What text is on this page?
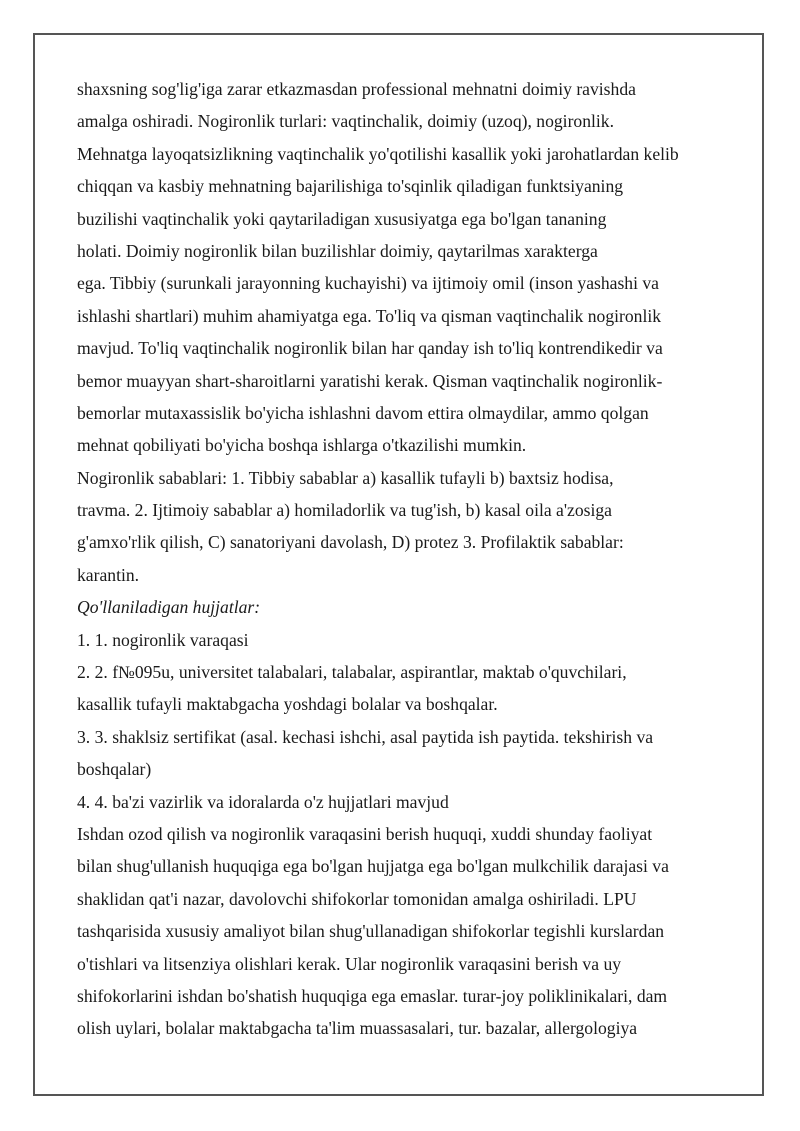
shaxsning sog'lig'iga zarar etkazmasdan professional mehnatni doimiy ravishda
amalga oshiradi. Nogironlik turlari: vaqtinchalik, doimiy (uzoq), nogironlik.
Mehnatga layoqatsizlikning vaqtinchalik yo'qotilishi kasallik yoki jarohatlardan kelib
chiqqan va kasbiy mehnatning bajarilishiga to'sqinlik qiladigan funktsiyaning
buzilishi vaqtinchalik yoki qaytariladigan xususiyatga ega bo'lgan tananing
holati. Doimiy nogironlik bilan buzilishlar doimiy, qaytarilmas xarakterga
ega. Tibbiy (surunkali jarayonning kuchayishi) va ijtimoiy omil (inson yashashi va
ishlashi shartlari) muhim ahamiyatga ega. To'liq va qisman vaqtinchalik nogironlik
mavjud. To'liq vaqtinchalik nogironlik bilan har qanday ish to'liq kontrendikedir va
bemor muayyan shart-sharoitlarni yaratishi kerak. Qisman vaqtinchalik nogironlik-
bemorlar mutaxassislik bo'yicha ishlashni davom ettira olmaydilar, ammo qolgan
mehnat qobiliyati bo'yicha boshqa ishlarga o'tkazilishi mumkin.
Nogironlik sabablari: 1. Tibbiy sabablar a) kasallik tufayli b) baxtsiz hodisa,
travma. 2. Ijtimoiy sabablar a) homiladorlik va tug'ish, b) kasal oila a'zosiga
g'amxo'rlik qilish, C) sanatoriyani davolash, D) protez 3. Profilaktik sabablar:
karantin.
Qo'llaniladigan hujjatlar:
1. 1. nogironlik varaqasi
2. 2. f№095u, universitet talabalari, talabalar, aspirantlar, maktab o'quvchilari,
kasallik tufayli maktabgacha yoshdagi bolalar va boshqalar.
3. 3. shaklsiz sertifikat (asal. kechasi ishchi, asal paytida ish paytida. tekshirish va
boshqalar)
4. 4. ba'zi vazirlik va idoralarda o'z hujjatlari mavjud
Ishdan ozod qilish va nogironlik varaqasini berish huquqi, xuddi shunday faoliyat
bilan shug'ullanish huquqiga ega bo'lgan hujjatga ega bo'lgan mulkchilik darajasi va
shaklidan qat'i nazar, davolovchi shifokorlar tomonidan amalga oshiriladi. LPU
tashqarisida xususiy amaliyot bilan shug'ullanadigan shifokorlar tegishli kurslardan
o'tishlari va litsenziya olishlari kerak. Ular nogironlik varaqasini berish va uy
shifokorlarini ishdan bo'shatish huquqiga ega emaslar. turar-joy poliklinikalari, dam
olish uylari, bolalar maktabgacha ta'lim muassasalari, tur. bazalar, allergologiya
